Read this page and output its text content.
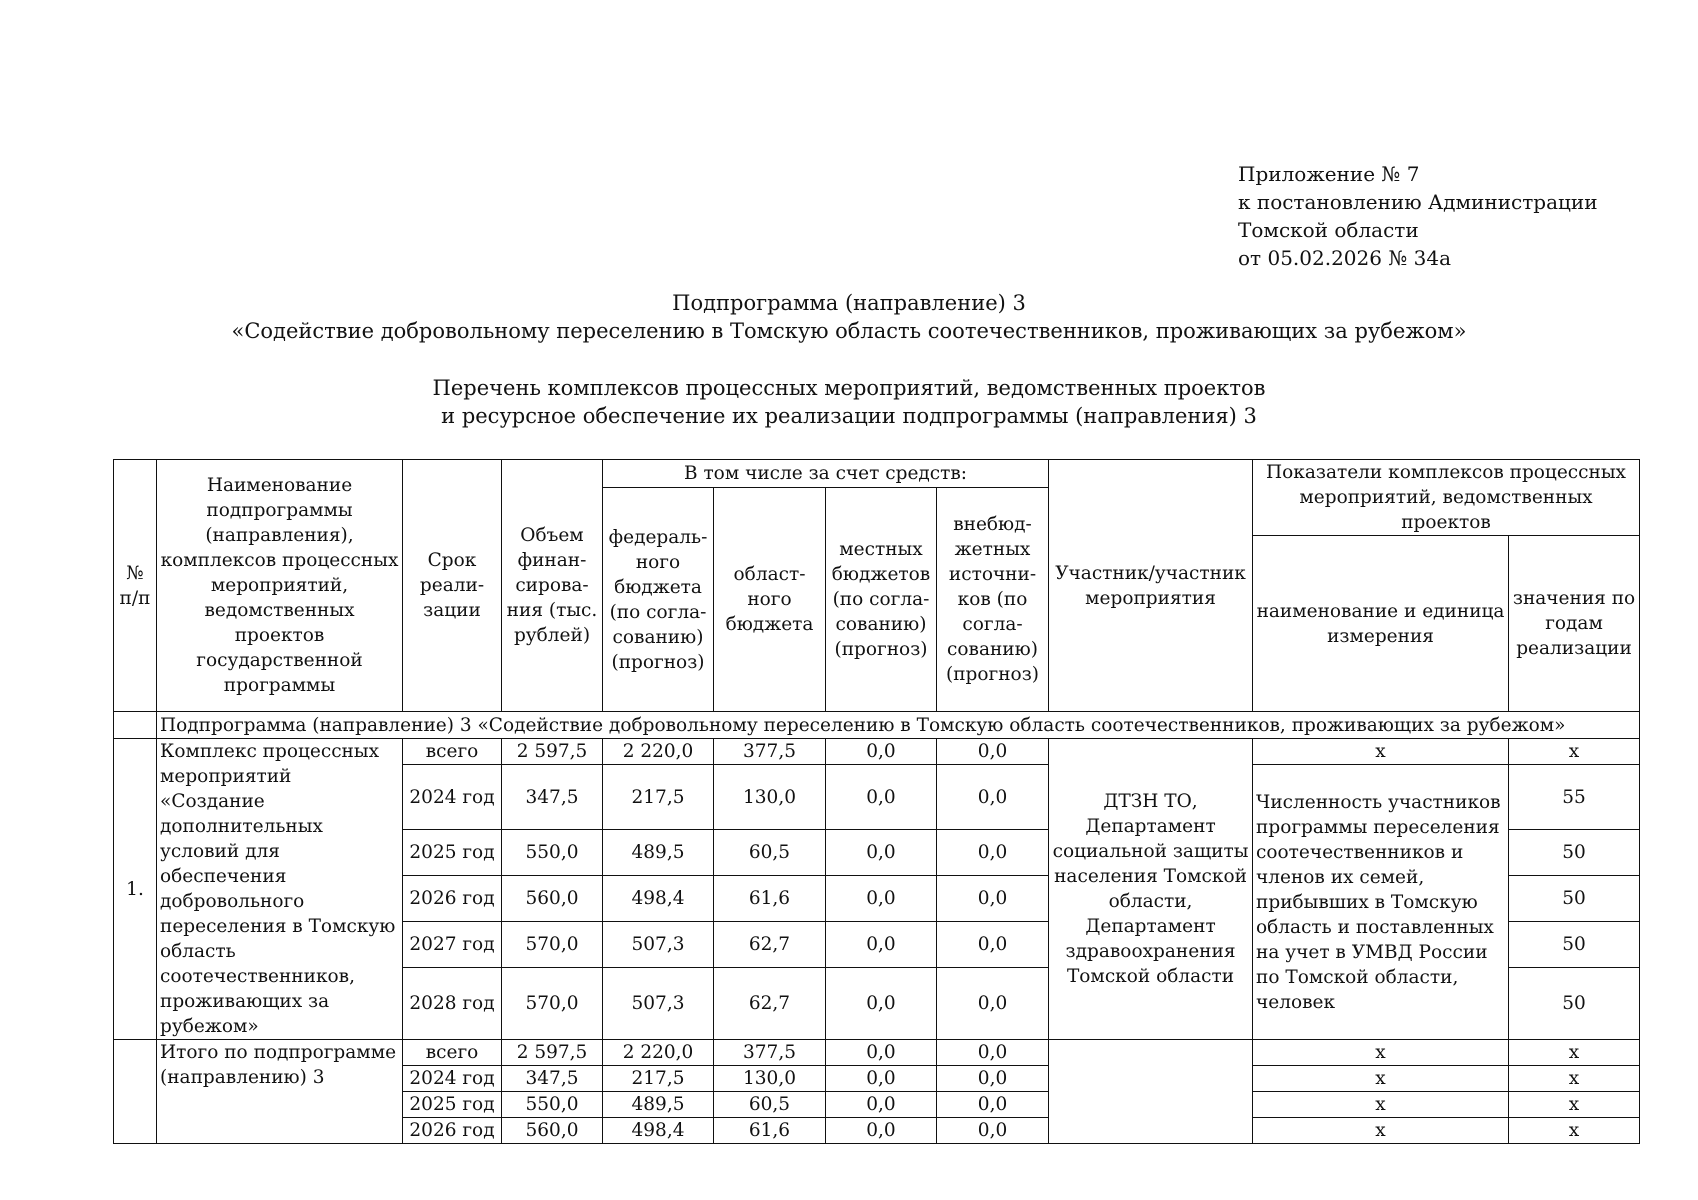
Приложение № 7
к постановлению Администрации
Томской области
от 05.02.2026 № 34а
Подпрограмма (направление) 3
«Содействие добровольному переселению в Томскую область соотечественников, проживающих за рубежом»
Перечень комплексов процессных мероприятий, ведомственных проектов
и ресурсное обеспечение их реализации подпрограммы (направления) 3
№ п/п	Наименование подпрограммы (направления), комплексов процессных мероприятий, ведомственных проектов государственной программы	Срок реали-зации	Объем финан-сирова-ния (тыс. рублей)	В том числе за счет средств:				Участник/участник мероприятия	Показатели комплексов процессных мероприятий, ведомственных проектов	
				федераль-ного бюджета (по согла-сованию) (прогноз)	област-ного бюджета	местных бюджетов (по согла-сованию) (прогноз)	внебюд-жетных источни-ков (по согла-сованию) (прогноз)			
									наименование и единица измерения	значения по годам реализации
	Подпрограмма (направление) 3 «Содействие добровольному переселению в Томскую область соотечественников, проживающих за рубежом»									
1.	Комплекс процессных мероприятий «Создание дополнительных условий для обеспечения добровольного переселения в Томскую область соотечественников, проживающих за рубежом»	всего	2 597,5	2 220,0	377,5	0,0	0,0	ДТЗН ТО, Департамент социальной защиты населения Томской области, Департамент здравоохранения Томской области	х	х
		2024 год	347,5	217,5	130,0	0,0	0,0		Численность участников программы переселения соотечественников и членов их семей, прибывших в Томскую область и поставленных на учет в УМВД России по Томской области, человек	55
		2025 год	550,0	489,5	60,5	0,0	0,0			50
		2026 год	560,0	498,4	61,6	0,0	0,0			50
		2027 год	570,0	507,3	62,7	0,0	0,0			50
		2028 год	570,0	507,3	62,7	0,0	0,0			50
	Итого по подпрограмме (направлению) 3	всего	2 597,5	2 220,0	377,5	0,0	0,0		х	х
		2024 год	347,5	217,5	130,0	0,0	0,0		х	х
		2025 год	550,0	489,5	60,5	0,0	0,0		х	х
		2026 год	560,0	498,4	61,6	0,0	0,0		х	х
